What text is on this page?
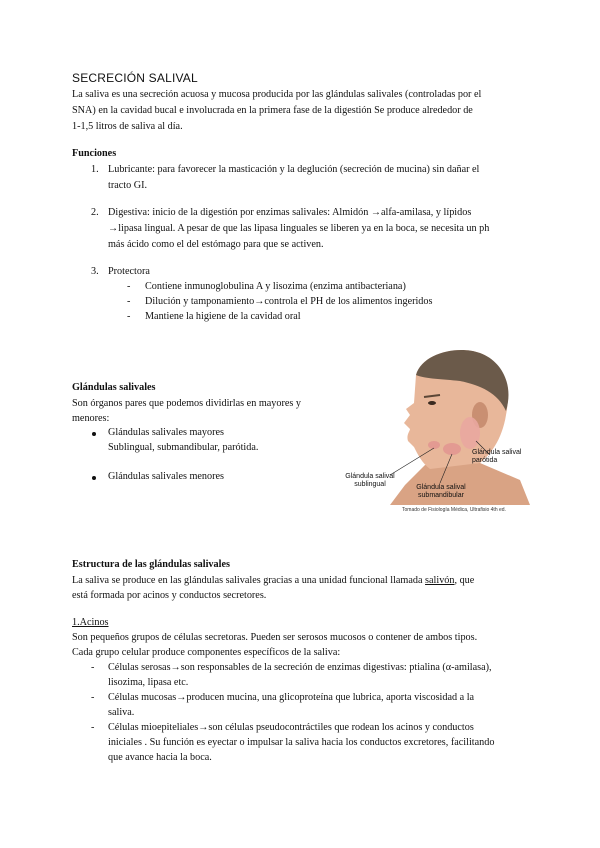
SECRECIÓN SALIVAL
La saliva es una secreción acuosa y mucosa producida por las glándulas salivales (controladas por el
SNA) en la cavidad bucal e involucrada en la primera fase de la digestión Se produce alrededor de
1-1,5 litros de saliva al día.
Funciones
1. Lubricante: para favorecer la masticación y la deglución (secreción de mucina) sin dañar el
tracto GI.
2. Digestiva: inicio de la digestión por enzimas salivales: Almidón →alfa-amilasa, y lípidos
→lipasa lingual. A pesar de que las lipasa linguales se liberen ya en la boca, se necesita un ph
más ácido como el del estómago para que se activen.
3. Protectora
- Contiene inmunoglobulina A y lisozima (enzima antibacteriana)
- Dilución y tamponamiento→controla el PH de los alimentos ingeridos
- Mantiene la higiene de la cavidad oral
Glándulas salivales
Son órganos pares que podemos dividirlas en mayores y
menores:
Glándulas salivales mayores
Sublingual, submandibular, parótida.
Glándulas salivales menores	Glándula salival
sublingual	Glándula salival
submandibular
Glándula salival
parótida
Tomado de Fisiología Médica, Ultrafisio 4th ed.
Estructura de las glándulas salivales
La saliva se produce en las glándulas salivales gracias a una unidad funcional llamada salivón, que
está formada por acinos y conductos secretores.
1.Acinos
Son pequeños grupos de células secretoras. Pueden ser serosos mucosos o contener de ambos tipos.
Cada grupo celular produce componentes específicos de la saliva:
- Células serosas→son responsables de la secreción de enzimas digestivas: ptialina (α-amilasa),
lisozima, lipasa etc.
- Células mucosas→producen mucina, una glicoproteína que lubrica, aporta viscosidad a la
saliva.
- Células mioepiteliales→son células pseudocontráctiles que rodean los acinos y conductos
iniciales . Su función es eyectar o impulsar la saliva hacia los conductos excretores, facilitando
que avance hacia la boca.
